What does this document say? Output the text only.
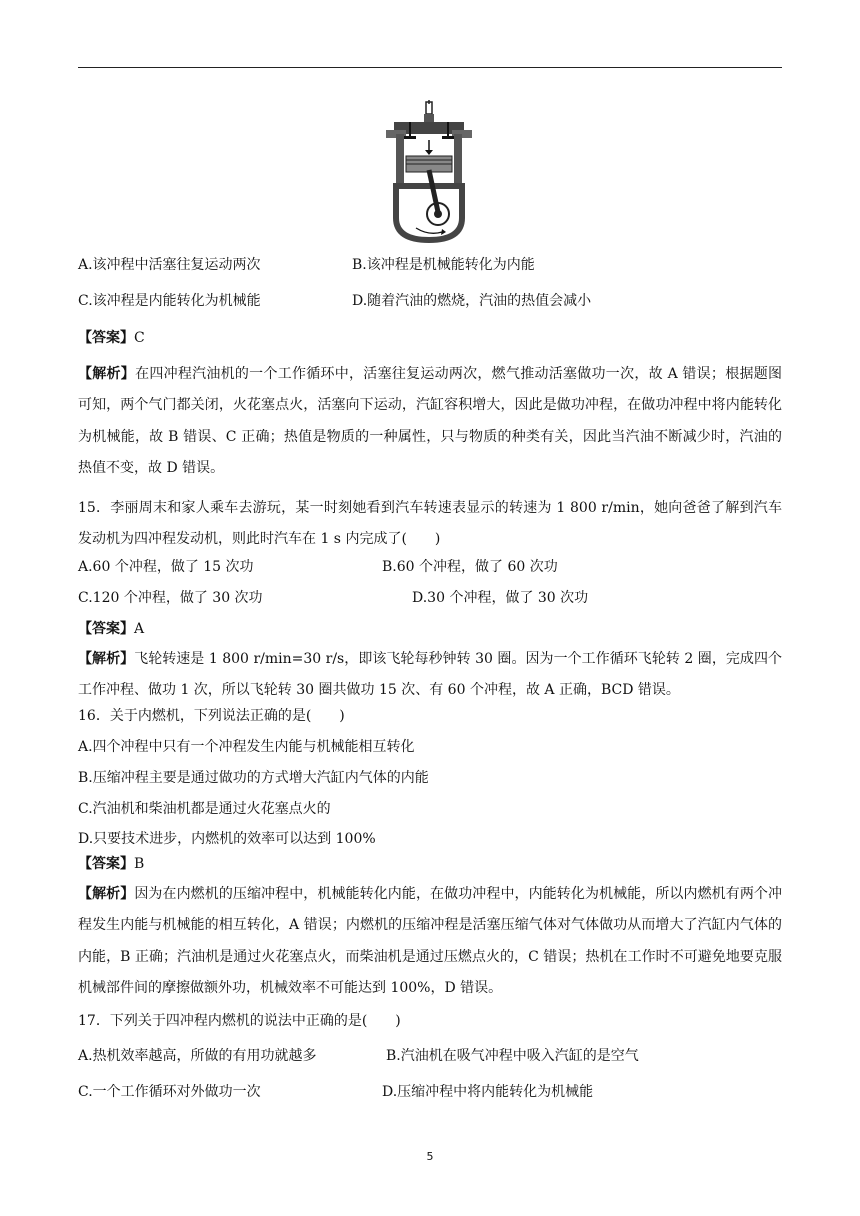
A.该冲程中活塞往复运动两次	B.该冲程是机械能转化为内能
C.该冲程是内能转化为机械能	D.随着汽油的燃烧，汽油的热值会减小
【答案】C
【解析】在四冲程汽油机的一个工作循环中，活塞往复运动两次，燃气推动活塞做功一次，故 A 错误；根据题图可知，两个气门都关闭，火花塞点火，活塞向下运动，汽缸容积增大，因此是做功冲程，在做功冲程中将内能转化为机械能，故 B 错误、C 正确；热值是物质的一种属性，只与物质的种类有关，因此当汽油不断减少时，汽油的热值不变，故 D 错误。
15．李丽周末和家人乘车去游玩，某一时刻她看到汽车转速表显示的转速为 1 800 r/min，她向爸爸了解到汽车发动机为四冲程发动机，则此时汽车在 1 s 内完成了(　　)
A.60 个冲程，做了 15 次功	B.60 个冲程，做了 60 次功
C.120 个冲程，做了 30 次功	D.30 个冲程，做了 30 次功
【答案】A
【解析】飞轮转速是 1 800 r/min=30 r/s，即该飞轮每秒钟转 30 圈。因为一个工作循环飞轮转 2 圈，完成四个工作冲程、做功 1 次，所以飞轮转 30 圈共做功 15 次、有 60 个冲程，故 A 正确，BCD 错误。
16．关于内燃机，下列说法正确的是(　　)
A.四个冲程中只有一个冲程发生内能与机械能相互转化
B.压缩冲程主要是通过做功的方式增大汽缸内气体的内能
C.汽油机和柴油机都是通过火花塞点火的
D.只要技术进步，内燃机的效率可以达到 100%
【答案】B
【解析】因为在内燃机的压缩冲程中，机械能转化内能，在做功冲程中，内能转化为机械能，所以内燃机有两个冲程发生内能与机械能的相互转化，A 错误；内燃机的压缩冲程是活塞压缩气体对气体做功从而增大了汽缸内气体的内能，B 正确；汽油机是通过火花塞点火，而柴油机是通过压燃点火的，C 错误；热机在工作时不可避免地要克服机械部件间的摩擦做额外功，机械效率不可能达到 100%，D 错误。
17．下列关于四冲程内燃机的说法中正确的是(　　)
A.热机效率越高，所做的有用功就越多	B.汽油机在吸气冲程中吸入汽缸的是空气
C.一个工作循环对外做功一次	D.压缩冲程中将内能转化为机械能
5
